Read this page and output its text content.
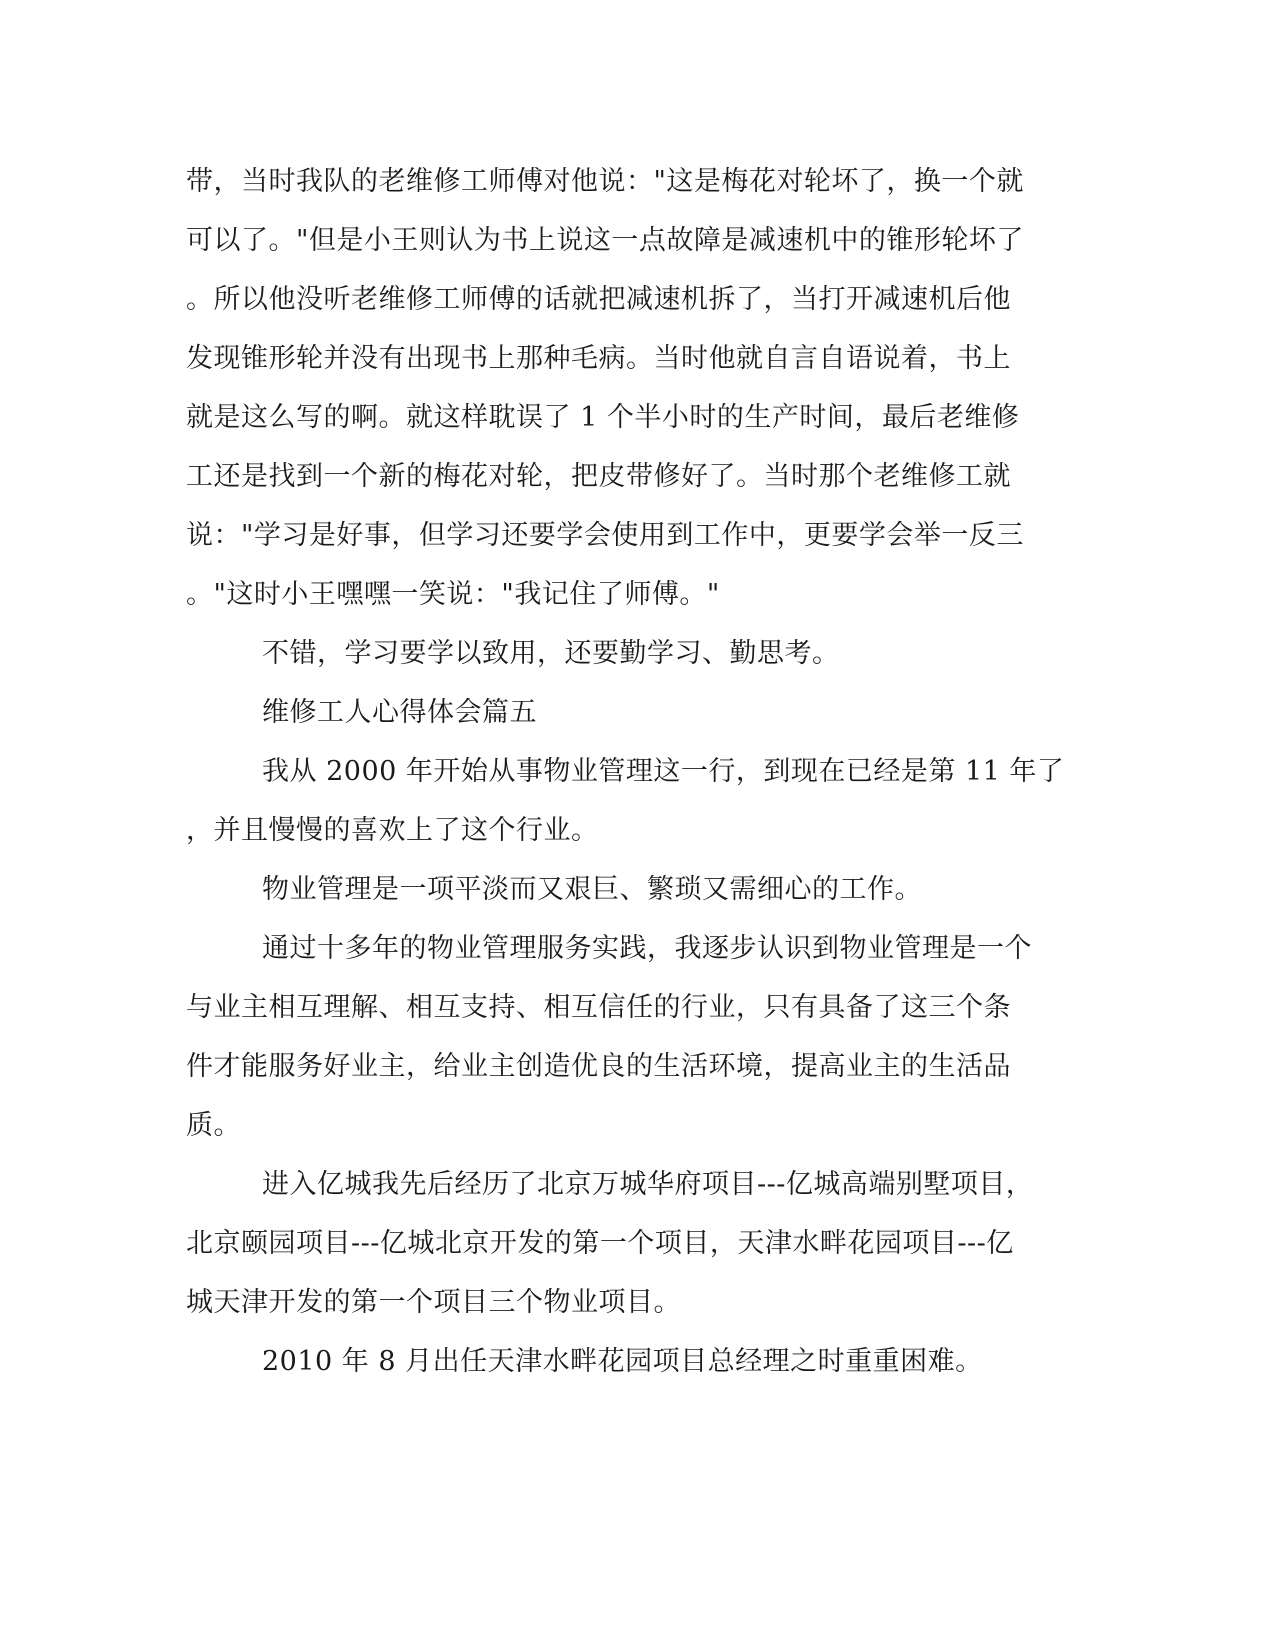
带，当时我队的老维修工师傅对他说："这是梅花对轮坏了，换一个就
可以了。"但是小王则认为书上说这一点故障是减速机中的锥形轮坏了
。所以他没听老维修工师傅的话就把减速机拆了，当打开减速机后他
发现锥形轮并没有出现书上那种毛病。当时他就自言自语说着，书上
就是这么写的啊。就这样耽误了 1 个半小时的生产时间，最后老维修
工还是找到一个新的梅花对轮，把皮带修好了。当时那个老维修工就
说："学习是好事，但学习还要学会使用到工作中，更要学会举一反三
。"这时小王嘿嘿一笑说："我记住了师傅。"
不错，学习要学以致用，还要勤学习、勤思考。
维修工人心得体会篇五
我从 2000 年开始从事物业管理这一行，到现在已经是第 11 年了
，并且慢慢的喜欢上了这个行业。
物业管理是一项平淡而又艰巨、繁琐又需细心的工作。
通过十多年的物业管理服务实践，我逐步认识到物业管理是一个
与业主相互理解、相互支持、相互信任的行业，只有具备了这三个条
件才能服务好业主，给业主创造优良的生活环境，提高业主的生活品
质。
进入亿城我先后经历了北京万城华府项目---亿城高端别墅项目，
北京颐园项目---亿城北京开发的第一个项目，天津水畔花园项目---亿
城天津开发的第一个项目三个物业项目。
2010 年 8 月出任天津水畔花园项目总经理之时重重困难。
